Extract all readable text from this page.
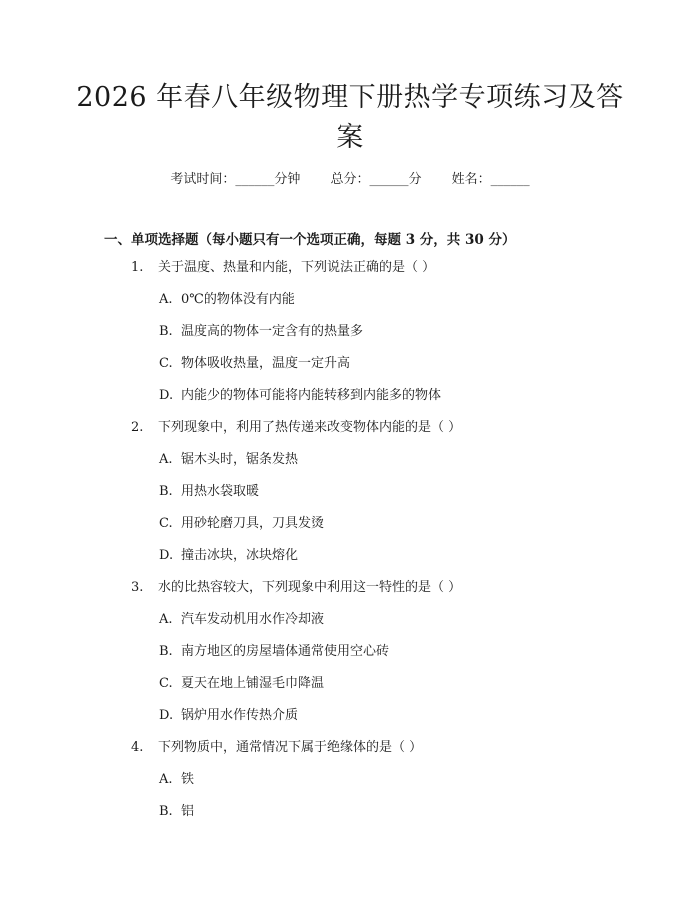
2026 年春八年级物理下册热学专项练习及答
案
考试时间：______分钟 总分：______分 姓名：______
一、单项选择题（每小题只有一个选项正确，每题 3 分，共 30 分）
1. 关于温度、热量和内能，下列说法正确的是（ ）
A. 0℃的物体没有内能
B. 温度高的物体一定含有的热量多
C. 物体吸收热量，温度一定升高
D. 内能少的物体可能将内能转移到内能多的物体
2. 下列现象中，利用了热传递来改变物体内能的是（ ）
A. 锯木头时，锯条发热
B. 用热水袋取暖
C. 用砂轮磨刀具，刀具发烫
D. 撞击冰块，冰块熔化
3. 水的比热容较大，下列现象中利用这一特性的是（ ）
A. 汽车发动机用水作冷却液
B. 南方地区的房屋墙体通常使用空心砖
C. 夏天在地上铺湿毛巾降温
D. 锅炉用水作传热介质
4. 下列物质中，通常情况下属于绝缘体的是（ ）
A. 铁
B. 铝
